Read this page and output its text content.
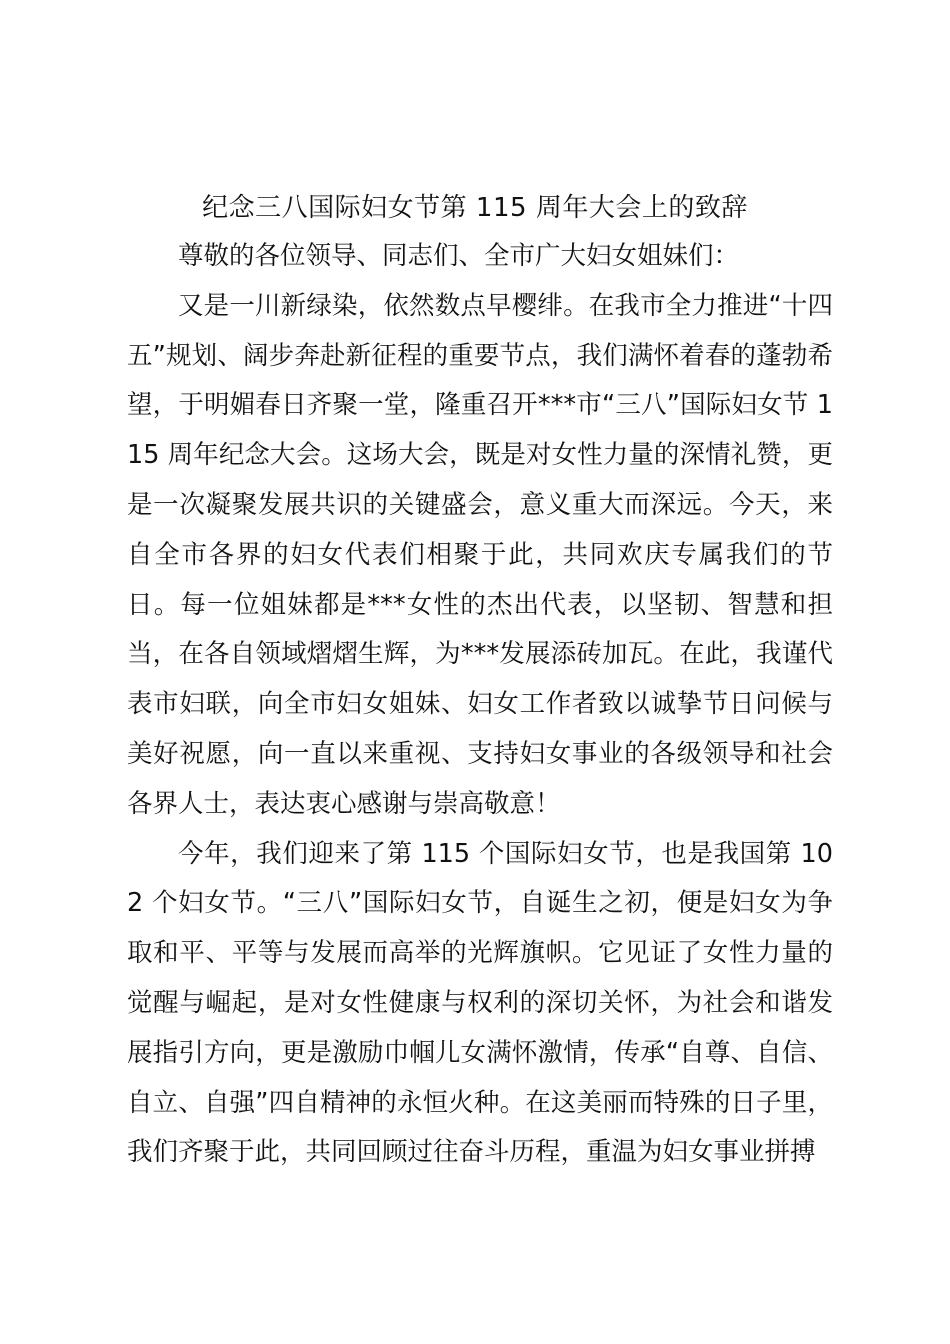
纪念三八国际妇女节第 115 周年大会上的致辞

尊敬的各位领导、同志们、全市广大妇女姐妹们：

又是一川新绿染，依然数点早樱绯。在我市全力推进“十四五”规划、阔步奔赴新征程的重要节点，我们满怀着春的蓬勃希望，于明媚春日齐聚一堂，隆重召开***市“三八”国际妇女节 115 周年纪念大会。这场大会，既是对女性力量的深情礼赞，更是一次凝聚发展共识的关键盛会，意义重大而深远。今天，来自全市各界的妇女代表们相聚于此，共同欢庆专属我们的节日。每一位姐妹都是***女性的杰出代表，以坚韧、智慧和担当，在各自领域熠熠生辉，为***发展添砖加瓦。在此，我谨代表市妇联，向全市妇女姐妹、妇女工作者致以诚挚节日问候与美好祝愿，向一直以来重视、支持妇女事业的各级领导和社会各界人士，表达衷心感谢与崇高敬意！

今年，我们迎来了第 115 个国际妇女节，也是我国第 102 个妇女节。“三八”国际妇女节，自诞生之初，便是妇女为争取和平、平等与发展而高举的光辉旗帜。它见证了女性力量的觉醒与崛起，是对女性健康与权利的深切关怀，为社会和谐发展指引方向，更是激励巾帼儿女满怀激情，传承“自尊、自信、自立、自强”四自精神的永恒火种。在这美丽而特殊的日子里，我们齐聚于此，共同回顾过往奋斗历程，重温为妇女事业拼搏
